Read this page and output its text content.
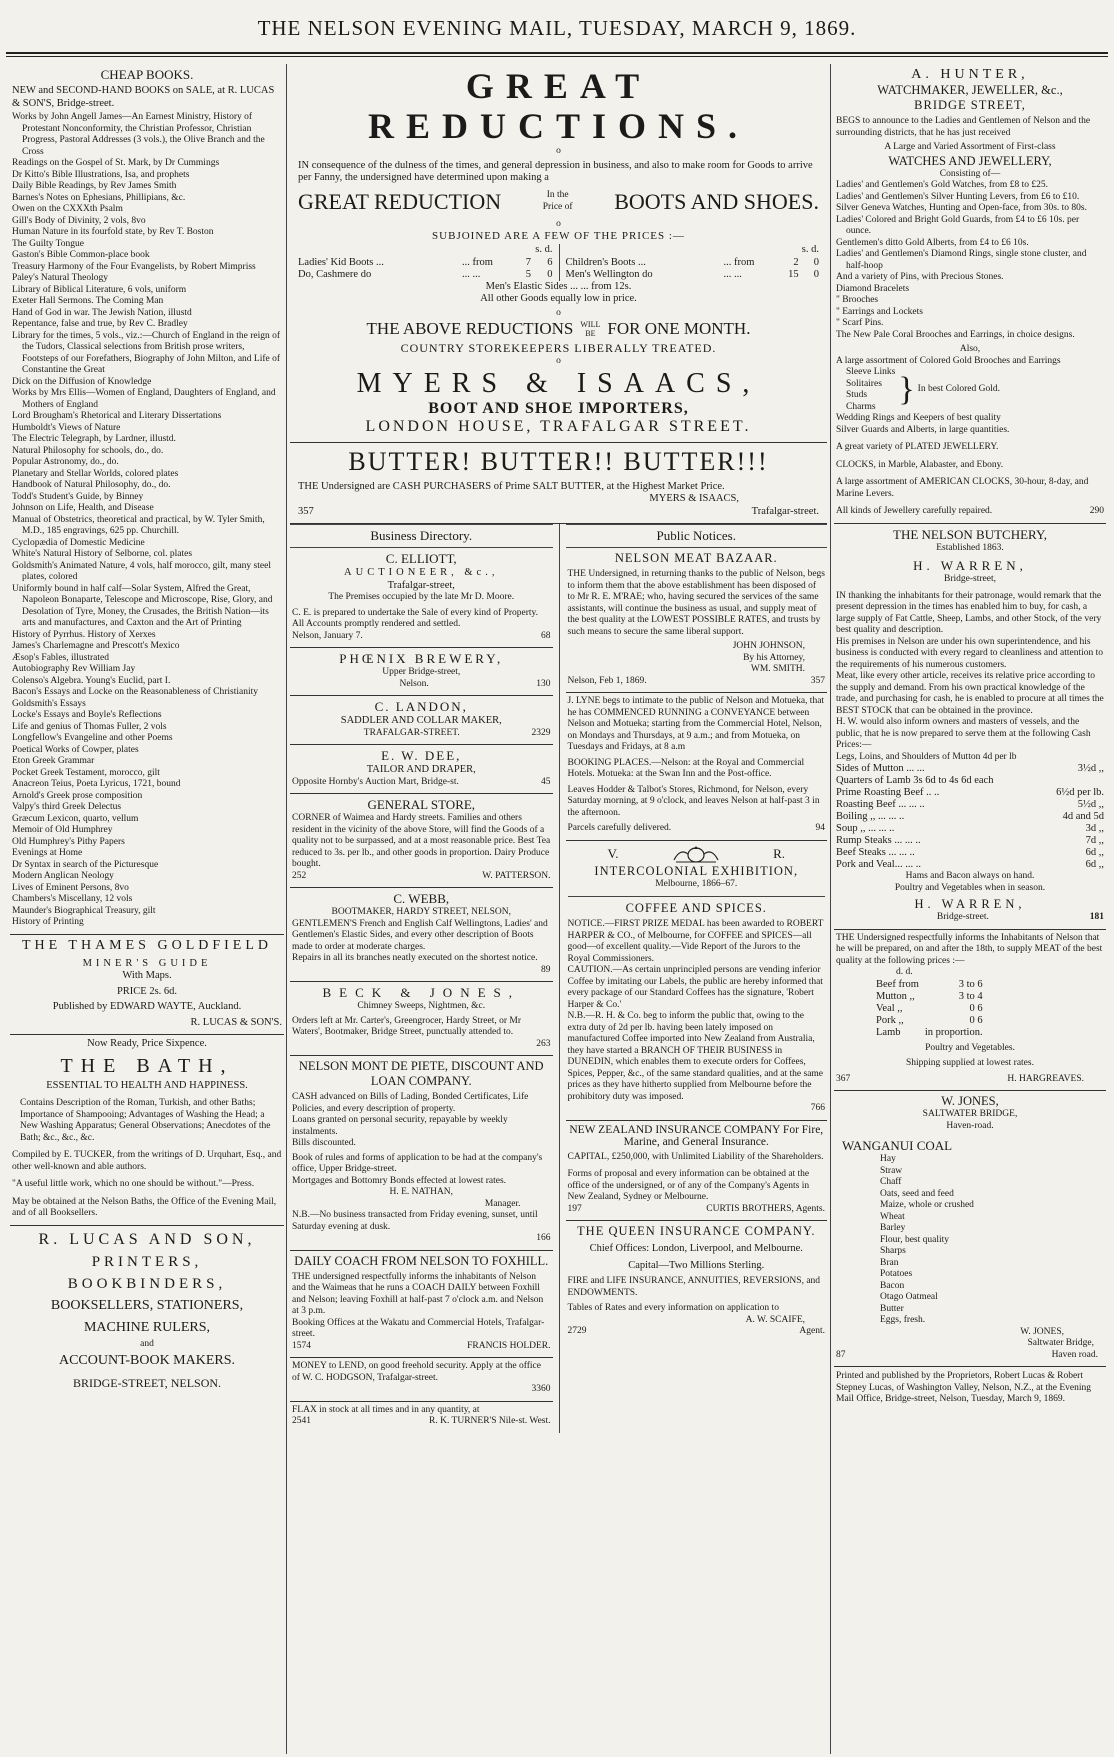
THE NELSON EVENING MAIL, TUESDAY, MARCH 9, 1869.
CHEAP BOOKS.
NEW and SECOND-HAND BOOKS on SALE, at R. LUCAS & SON'S, Bridge-street.
Works by John Angell James—An Earnest Ministry, History of Protestant Nonconformity, the Christian Professor, Christian Progress, Pastoral Addresses (3 vols.), the Olive Branch and the Cross
Readings on the Gospel of St. Mark, by Dr Cummings
Dr Kitto's Bible Illustrations, Isa, and prophets
Daily Bible Readings, by Rev James Smith
Barnes's Notes on Ephesians, Phillipians, &c.
Owen on the CXXXth Psalm
Gill's Body of Divinity, 2 vols, 8vo
Human Nature in its fourfold state, by Rev T. Boston
The Guilty Tongue
Gaston's Bible Common-place book
Treasury Harmony of the Four Evangelists, by Robert Mimpriss
Paley's Natural Theology
Library of Biblical Literature, 6 vols, uniform
Exeter Hall Sermons. The Coming Man
Hand of God in war. The Jewish Nation, illustd
Repentance, false and true, by Rev C. Bradley
Library for the times, 5 vols., viz.:—Church of England in the reign of the Tudors, Classical selections from British prose writers, Footsteps of our Forefathers, Biography of John Milton, and Life of Constantine the Great
Dick on the Diffusion of Knowledge
Works by Mrs Ellis—Women of England, Daughters of England, and Mothers of England
Lord Brougham's Rhetorical and Literary Dissertations
Humboldt's Views of Nature
The Electric Telegraph, by Lardner, illustd.
Natural Philosophy for schools, do., do.
Popular Astronomy, do., do.
Planetary and Stellar Worlds, colored plates
Handbook of Natural Philosophy, do., do.
Todd's Student's Guide, by Binney
Johnson on Life, Health, and Disease
Manual of Obstetrics, theoretical and practical, by W. Tyler Smith, M.D., 185 engravings, 625 pp. Churchill.
Cyclopædia of Domestic Medicine
White's Natural History of Selborne, col. plates
Goldsmith's Animated Nature, 4 vols, half morocco, gilt, many steel plates, colored
Uniformly bound in half calf—Solar System, Alfred the Great, Napoleon Bonaparte, Telescope and Microscope, Rise, Glory, and Desolation of Tyre, Money, the Crusades, the British Nation—its arts and manufactures, and Caxton and the Art of Printing
History of Pyrrhus. History of Xerxes
James's Charlemagne and Prescott's Mexico
Æsop's Fables, illustrated
Autobiography Rev William Jay
Colenso's Algebra. Young's Euclid, part I.
Bacon's Essays and Locke on the Reasonableness of Christianity
Goldsmith's Essays
Locke's Essays and Boyle's Reflections
Life and genius of Thomas Fuller, 2 vols
Longfellow's Evangeline and other Poems
Poetical Works of Cowper, plates
Eton Greek Grammar
Pocket Greek Testament, morocco, gilt
Anacreon Teius, Poeta Lyricus, 1721, bound
Arnold's Greek prose composition
Valpy's third Greek Delectus
Græcum Lexicon, quarto, vellum
Memoir of Old Humphrey
Old Humphrey's Pithy Papers
Evenings at Home
Dr Syntax in search of the Picturesque
Modern Anglican Neology
Lives of Eminent Persons, 8vo
Chambers's Miscellany, 12 vols
Maunder's Biographical Treasury, gilt
History of Printing
THE THAMES GOLDFIELD
MINER'S GUIDE
With Maps.
PRICE 2s. 6d.
Published by EDWARD WAYTE, Auckland.
R. LUCAS & SON'S.
Now Ready, Price Sixpence.
THE BATH,
ESSENTIAL TO HEALTH AND HAPPINESS.
Contains Description of the Roman, Turkish, and other Baths; Importance of Shampooing; Advantages of Washing the Head; a New Washing Apparatus; General Observations; Anecdotes of the Bath; &c., &c., &c.
Compiled by E. TUCKER, from the writings of D. Urquhart, Esq., and other well-known and able authors.
"A useful little work, which no one should be without."—Press.
May be obtained at the Nelson Baths, the Office of the Evening Mail, and of all Booksellers.
R. LUCAS AND SON,
PRINTERS,
BOOKBINDERS,
BOOKSELLERS, STATIONERS,
MACHINE RULERS,
and
ACCOUNT-BOOK MAKERS.
BRIDGE-STREET, NELSON.
GREAT REDUCTIONS.
o
IN consequence of the dulness of the times, and general depression in business, and also to make room for Goods to arrive per Fanny, the undersigned have determined upon making a
GREAT REDUCTION	In the Price of BOOTS AND SHOES.
o
SUBJOINED ARE A FEW OF THE PRICES :—
s. d.
Ladies' Kid Boots ...	... from	7	6
Do, Cashmere do	... ...	5	0
s. d.
Children's Boots ...	... from	2	0
Men's Wellington do	... ...	15	0
Men's Elastic Sides ... ... from 12s.
All other Goods equally low in price.
o
THE ABOVE REDUCTIONS WILL BE FOR ONE MONTH.
COUNTRY STOREKEEPERS LIBERALLY TREATED.
o
MYERS & ISAACS,
BOOT AND SHOE IMPORTERS,
LONDON HOUSE, TRAFALGAR STREET.
BUTTER! BUTTER!! BUTTER!!!
THE Undersigned are CASH PURCHASERS of Prime SALT BUTTER, at the Highest Market Price.
MYERS & ISAACS,
357	Trafalgar-street.
Business Directory.
C. ELLIOTT,
AUCTIONEER, &c.,
Trafalgar-street,
The Premises occupied by the late Mr D. Moore.
C. E. is prepared to undertake the Sale of every kind of Property. All Accounts promptly rendered and settled.
Nelson, January 7.	68
PHŒNIX BREWERY,
Upper Bridge-street,
Nelson.	130
C. LANDON,
SADDLER AND COLLAR MAKER,
TRAFALGAR-STREET.	2329
E. W. DEE,
TAILOR AND DRAPER,
Opposite Hornby's Auction Mart, Bridge-st.	45
GENERAL STORE,
CORNER of Waimea and Hardy streets. Families and others resident in the vicinity of the above Store, will find the Goods of a quality not to be surpassed, and at a most reasonable price. Best Tea reduced to 3s. per lb., and other goods in proportion. Dairy Produce bought.
252	W. PATTERSON.
C. WEBB,
BOOTMAKER, HARDY STREET, NELSON,
GENTLEMEN'S French and English Calf Wellingtons, Ladies' and Gentlemen's Elastic Sides, and every other description of Boots made to order at moderate charges.
Repairs in all its branches neatly executed on the shortest notice.
89
BECK & JONES,
Chimney Sweeps, Nightmen, &c.
Orders left at Mr. Carter's, Greengrocer, Hardy Street, or Mr Waters', Bootmaker, Bridge Street, punctually attended to.
263
NELSON MONT DE PIETE, DISCOUNT AND LOAN COMPANY.
CASH advanced on Bills of Lading, Bonded Certificates, Life Policies, and every description of property.
Loans granted on personal security, repayable by weekly instalments.
Bills discounted.
Book of rules and forms of application to be had at the company's office, Upper Bridge-street.
Mortgages and Bottomry Bonds effected at lowest rates.
H. E. NATHAN,
Manager.
N.B.—No business transacted from Friday evening, sunset, until Saturday evening at dusk.
166
DAILY COACH FROM NELSON TO FOXHILL.
THE undersigned respectfully informs the inhabitants of Nelson and the Waimeas that he runs a COACH DAILY between Foxhill and Nelson; leaving Foxhill at half-past 7 o'clock a.m. and Nelson at 3 p.m.
Booking Offices at the Wakatu and Commercial Hotels, Trafalgar-street.
1574	FRANCIS HOLDER.
MONEY to LEND, on good freehold security. Apply at the office of W. C. HODGSON, Trafalgar-street.
3360
FLAX in stock at all times and in any quantity, at
2541	R. K. TURNER'S Nile-st. West.
Public Notices.
NELSON MEAT BAZAAR.
THE Undersigned, in returning thanks to the public of Nelson, begs to inform them that the above establishment has been disposed of to Mr R. E. M'RAE; who, having secured the services of the same assistants, will continue the business as usual, and supply meat of the best quality at the LOWEST POSSIBLE RATES, and trusts by such means to secure the same liberal support.
JOHN JOHNSON,
By his Attorney,
WM. SMITH.
Nelson, Feb 1, 1869.	357
J. LYNE begs to intimate to the public of Nelson and Motueka, that he has COMMENCED RUNNING a CONVEYANCE between Nelson and Motueka; starting from the Commercial Hotel, Nelson, on Mondays and Thursdays, at 9 a.m.; and from Motueka, on Tuesdays and Fridays, at 8 a.m
BOOKING PLACES.—Nelson: at the Royal and Commercial Hotels. Motueka: at the Swan Inn and the Post-office.
Leaves Hodder & Talbot's Stores, Richmond, for Nelson, every Saturday morning, at 9 o'clock, and leaves Nelson at half-past 3 in the afternoon.
Parcels carefully delivered.	94
V.	R.
INTERCOLONIAL EXHIBITION,
Melbourne, 1866–67.
COFFEE AND SPICES.
NOTICE.—FIRST PRIZE MEDAL has been awarded to ROBERT HARPER & CO., of Melbourne, for COFFEE and SPICES—all good—of excellent quality.—Vide Report of the Jurors to the Royal Commissioners.
CAUTION.—As certain unprincipled persons are vending inferior Coffee by imitating our Labels, the public are hereby informed that every package of our Standard Coffees has the signature, 'Robert Harper & Co.'
N.B.—R. H. & Co. beg to inform the public that, owing to the extra duty of 2d per lb. having been lately imposed on manufactured Coffee imported into New Zealand from Australia, they have started a BRANCH OF THEIR BUSINESS in DUNEDIN, which enables them to execute orders for Coffees, Spices, Pepper, &c., of the same standard qualities, and at the same prices as they have hitherto supplied from Melbourne before the prohibitory duty was imposed.
766
NEW ZEALAND INSURANCE COMPANY For Fire, Marine, and General Insurance.
CAPITAL, £250,000, with Unlimited Liability of the Shareholders.
Forms of proposal and every information can be obtained at the office of the undersigned, or of any of the Company's Agents in New Zealand, Sydney or Melbourne.
197	CURTIS BROTHERS, Agents.
THE QUEEN INSURANCE COMPANY.
Chief Offices: London, Liverpool, and Melbourne.
Capital—Two Millions Sterling.
FIRE and LIFE INSURANCE, ANNUITIES, REVERSIONS, and ENDOWMENTS.
Tables of Rates and every information on application to
A. W. SCAIFE,
2729	Agent.
A. HUNTER,
WATCHMAKER, JEWELLER, &c.,
BRIDGE STREET,
BEGS to announce to the Ladies and Gentlemen of Nelson and the surrounding districts, that he has just received
A Large and Varied Assortment of First-class
WATCHES AND JEWELLERY,
Consisting of—
Ladies' and Gentlemen's Gold Watches, from £8 to £25.
Ladies' and Gentlemen's Silver Hunting Levers, from £6 to £10.
Silver Geneva Watches, Hunting and Open-face, from 30s. to 80s.
Ladies' Colored and Bright Gold Guards, from £4 to £6 10s. per ounce.
Gentlemen's ditto Gold Alberts, from £4 to £6 10s.
Ladies' and Gentlemen's Diamond Rings, single stone cluster, and half-hoop
And a variety of Pins, with Precious Stones.
Diamond Bracelets
" Brooches
" Earrings and Lockets
" Scarf Pins.
The New Pale Coral Brooches and Earrings, in choice designs.
Also,
A large assortment of Colored Gold Brooches and Earrings
Sleeve Links
Solitaires
Studs
Charms } In best Colored Gold.
Wedding Rings and Keepers of best quality
Silver Guards and Alberts, in large quantities.
A great variety of PLATED JEWELLERY.
CLOCKS, in Marble, Alabaster, and Ebony.
A large assortment of AMERICAN CLOCKS, 30-hour, 8-day, and Marine Levers.
All kinds of Jewellery carefully repaired.	290
THE NELSON BUTCHERY,
Established 1863.
H. WARREN,
Bridge-street,
IN thanking the inhabitants for their patronage, would remark that the present depression in the times has enabled him to buy, for cash, a large supply of Fat Cattle, Sheep, Lambs, and other Stock, of the very best quality and description.
His premises in Nelson are under his own superintendence, and his business is conducted with every regard to cleanliness and attention to the requirements of his numerous customers.
Meat, like every other article, receives its relative price according to the supply and demand. From his own practical knowledge of the trade, and purchasing for cash, he is enabled to procure at all times the BEST STOCK that can be obtained in the province.
H. W. would also inform owners and masters of vessels, and the public, that he is now prepared to serve them at the following Cash Prices:—
Legs, Loins, and Shoulders of Mutton 4d per lb
Sides of Mutton ... ...	3½d ,,
Quarters of Lamb 3s 6d to 4s 6d each	
Prime Roasting Beef .. ..	6½d per lb.
Roasting Beef ... ... ..	5½d ,,
Boiling ,, ... ... ..	4d and 5d
Soup ,, ... ... ..	3d ,,
Rump Steaks ... ... ..	7d ,,
Beef Steaks ... ... ..	6d ,,
Pork and Veal... ... ..	6d ,,
Hams and Bacon always on hand.
Poultry and Vegetables when in season.
H. WARREN,
Bridge-street.	181
THE Undersigned respectfully informs the Inhabitants of Nelson that he will be prepared, on and after the 18th, to supply MEAT of the best quality at the following prices :—
d. d.
Beef from	3 to 6
Mutton ,,	3 to 4
Veal ,,	0 6
Pork ,,	0 6
Lamb	in proportion.
Poultry and Vegetables.
Shipping supplied at lowest rates.
367	H. HARGREAVES.
W. JONES,
SALTWATER BRIDGE,
Haven-road.
WANGANUI COAL
Hay
Straw
Chaff
Oats, seed and feed
Maize, whole or crushed
Wheat
Barley
Flour, best quality
Sharps
Bran
Potatoes
Bacon
Otago Oatmeal
Butter
Eggs, fresh.
W. JONES,
Saltwater Bridge,
87	Haven road.
Printed and published by the Proprietors, Robert Lucas & Robert Stepney Lucas, of Washington Valley, Nelson, N.Z., at the Evening Mail Office, Bridge-street, Nelson, Tuesday, March 9, 1869.
